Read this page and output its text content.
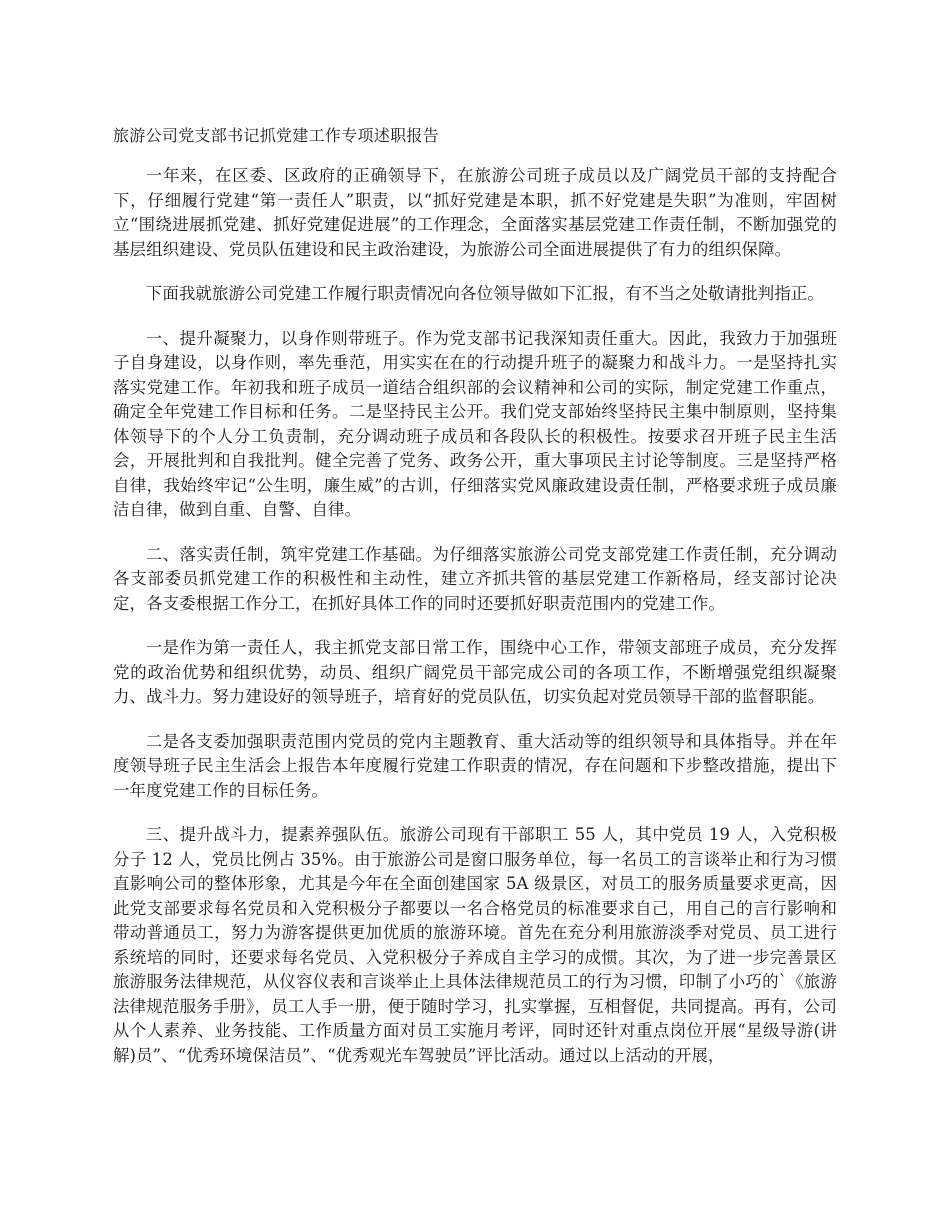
旅游公司党支部书记抓党建工作专项述职报告

一年来，在区委、区政府的正确领导下，在旅游公司班子成员以及广阔党员干部的支持配合下，仔细履行党建“第一责任人”职责，以“抓好党建是本职，抓不好党建是失职”为准则，牢固树立“围绕进展抓党建、抓好党建促进展”的工作理念，全面落实基层党建工作责任制，不断加强党的基层组织建设、党员队伍建设和民主政治建设，为旅游公司全面进展提供了有力的组织保障。

下面我就旅游公司党建工作履行职责情况向各位领导做如下汇报，有不当之处敬请批判指正。

一、提升凝聚力，以身作则带班子。作为党支部书记我深知责任重大。因此，我致力于加强班子自身建设，以身作则，率先垂范，用实实在在的行动提升班子的凝聚力和战斗力。一是坚持扎实落实党建工作。年初我和班子成员一道结合组织部的会议精神和公司的实际，制定党建工作重点，确定全年党建工作目标和任务。二是坚持民主公开。我们党支部始终坚持民主集中制原则，坚持集体领导下的个人分工负责制，充分调动班子成员和各段队长的积极性。按要求召开班子民主生活会，开展批判和自我批判。健全完善了党务、政务公开，重大事项民主讨论等制度。三是坚持严格自律，我始终牢记“公生明，廉生威”的古训，仔细落实党风廉政建设责任制，严格要求班子成员廉洁自律，做到自重、自警、自律。

二、落实责任制，筑牢党建工作基础。为仔细落实旅游公司党支部党建工作责任制，充分调动各支部委员抓党建工作的积极性和主动性，建立齐抓共管的基层党建工作新格局，经支部讨论决定，各支委根据工作分工，在抓好具体工作的同时还要抓好职责范围内的党建工作。

一是作为第一责任人，我主抓党支部日常工作，围绕中心工作，带领支部班子成员，充分发挥党的政治优势和组织优势，动员、组织广阔党员干部完成公司的各项工作，不断增强党组织凝聚力、战斗力。努力建设好的领导班子，培育好的党员队伍，切实负起对党员领导干部的监督职能。

二是各支委加强职责范围内党员的党内主题教育、重大活动等的组织领导和具体指导。并在年度领导班子民主生活会上报告本年度履行党建工作职责的情况，存在问题和下步整改措施，提出下一年度党建工作的目标任务。

三、提升战斗力，提素养强队伍。旅游公司现有干部职工 55 人，其中党员 19 人，入党积极分子 12 人，党员比例占 35%。由于旅游公司是窗口服务单位，每一名员工的言谈举止和行为习惯直影响公司的整体形象，尤其是今年在全面创建国家 5A 级景区，对员工的服务质量要求更高，因此党支部要求每名党员和入党积极分子都要以一名合格党员的标准要求自己，用自己的言行影响和带动普通员工，努力为游客提供更加优质的旅游环境。首先在充分利用旅游淡季对党员、员工进行系统培的同时，还要求每名党员、入党积极分子养成自主学习的成惯。其次，为了进一步完善景区旅游服务法律规范，从仪容仪表和言谈举止上具体法律规范员工的行为习惯，印制了小巧的`《旅游法律规范服务手册》，员工人手一册，便于随时学习，扎实掌握，互相督促，共同提高。再有，公司从个人素养、业务技能、工作质量方面对员工实施月考评，同时还针对重点岗位开展“星级导游(讲解)员”、“优秀环境保洁员”、“优秀观光车驾驶员”评比活动。通过以上活动的开展，
